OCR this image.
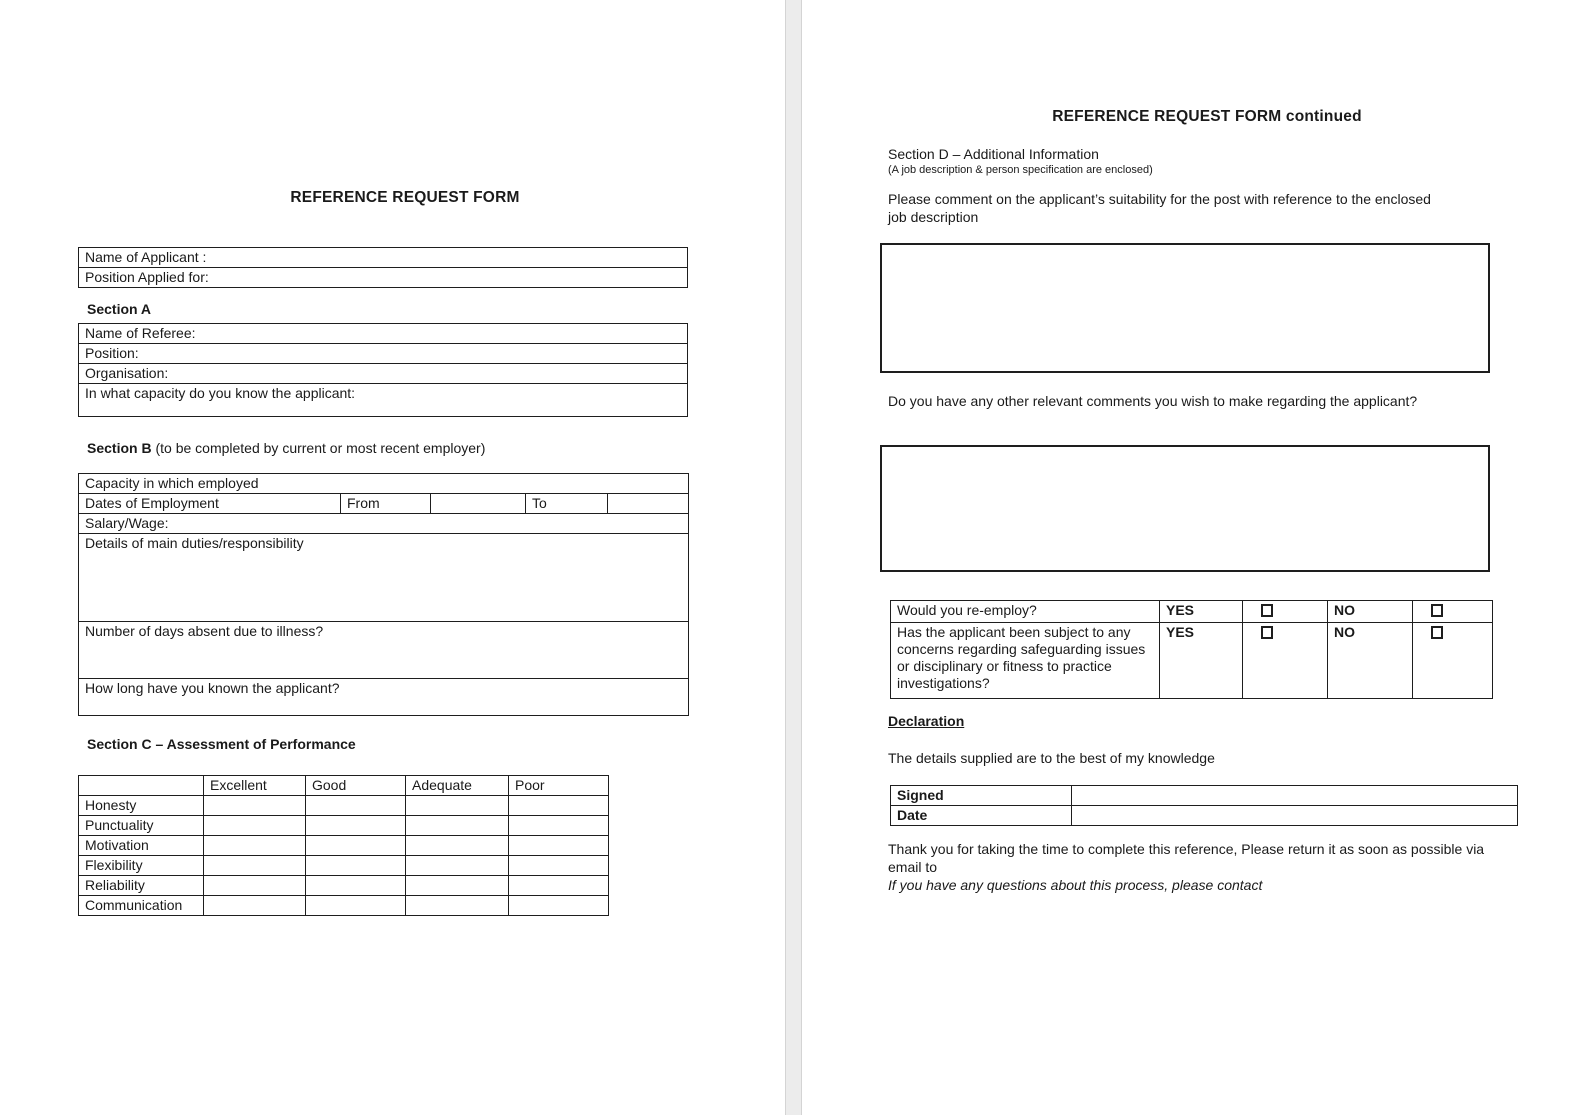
REFERENCE REQUEST FORM
Name of Applicant :
Position Applied for:
Section A
Name of Referee:
Position:
Organisation:
In what capacity do you know the applicant:
Section B (to be completed by current or most recent employer)
Capacity in which employed
Dates of Employment	From		To	
Salary/Wage:
Details of main duties/responsibility
Number of days absent due to illness?
How long have you known the applicant?
Section C – Assessment of Performance
	Excellent	Good	Adequate	Poor
Honesty				
Punctuality				
Motivation				
Flexibility				
Reliability				
Communication				
REFERENCE REQUEST FORM continued
Section D – Additional Information
(A job description & person specification are enclosed)
Please comment on the applicant’s suitability for the post with reference to the enclosed job description
Do you have any other relevant comments you wish to make regarding the applicant?
Would you re-employ?	YES		NO	
Has the applicant been subject to any concerns regarding safeguarding issues or disciplinary or fitness to practice investigations?	YES		NO	
Declaration
The details supplied are to the best of my knowledge
Signed	
Date	
Thank you for taking the time to complete this reference, Please return it as soon as possible via email to
If you have any questions about this process, please contact
